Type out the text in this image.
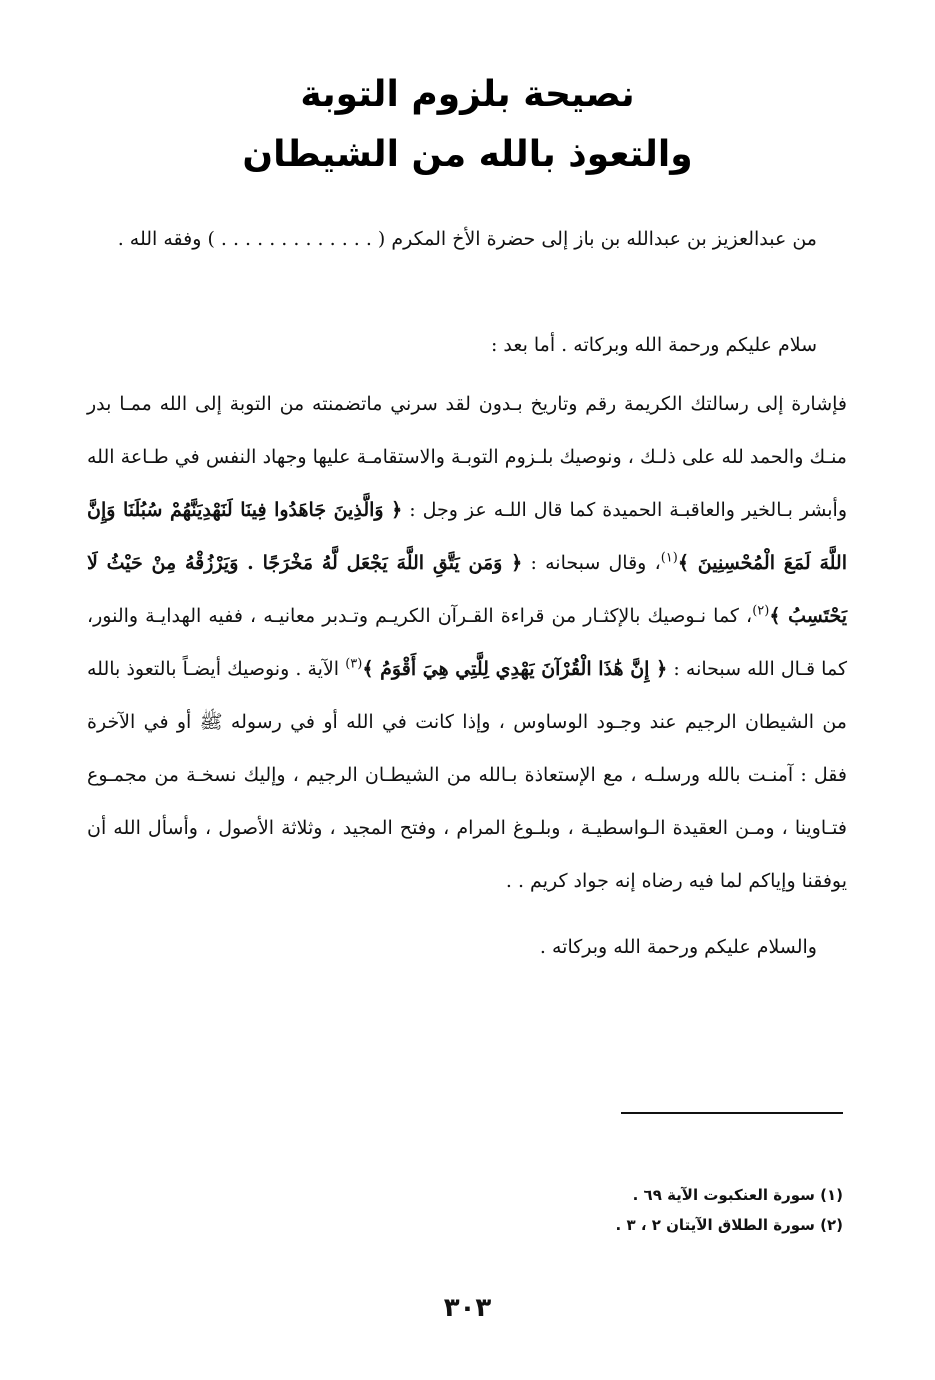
نصيحة بلزوم التوبة
والتعوذ بالله من الشيطان

من عبدالعزيز بن عبدالله بن باز إلى حضرة الأخ المكرم ( . . . . . . . . . . . . . ) وفقه الله .

سلام عليكم ورحمة الله وبركاته . أما بعد :

فإشارة إلى رسالتك الكريمة رقم وتاريخ بـدون لقد سرني ماتضمنته من التوبة إلى الله ممـا بدر منـك والحمد لله على ذلـك ، ونوصيك بلـزوم التوبـة والاستقامـة عليها وجهاد النفس في طـاعة الله وأبشر بـالخير والعاقبـة الحميدة كما قال اللـه عز وجل : ﴿ وَالَّذِينَ جَاهَدُوا فِينَا لَنَهْدِيَنَّهُمْ سُبُلَنَا وَإِنَّ اللَّهَ لَمَعَ الْمُحْسِنِينَ ﴾$^{(١)}$، وقال سبحانه : ﴿ وَمَن يَتَّقِ اللَّهَ يَجْعَل لَّهُ مَخْرَجًا . وَيَرْزُقْهُ مِنْ حَيْثُ لَا يَحْتَسِبُ ﴾$^{(٢)}$، كما نـوصيك بالإكثـار من قراءة القـرآن الكريـم وتـدبر معانيـه ، ففيه الهدايـة والنور، كما قـال الله سبحانه : ﴿ إِنَّ هَٰذَا الْقُرْآنَ يَهْدِي لِلَّتِي هِيَ أَقْوَمُ ﴾$^{(٣)}$ الآية . ونوصيك أيضـاً بالتعوذ بالله من الشيطان الرجيم عند وجـود الوساوس ، وإذا كانت في الله أو في رسوله ﷺ أو في الآخرة فقل : آمنـت بالله ورسلـه ، مع الإستعاذة بـالله من الشيطـان الرجيم ، وإليك نسخـة من مجمـوع فتـاوينا ، ومـن العقيدة الـواسطيـة ، وبلـوغ المرام ، وفتح المجيد ، وثلاثة الأصول ، وأسأل الله أن يوفقنا وإياكم لما فيه رضاه إنه جواد كريم . .

والسلام عليكم ورحمة الله وبركاته .

(١) سورة العنكبوت الآية ٦٩ .
(٢) سورة الطلاق الآيتان ٢ ، ٣ .
٣٠٣
